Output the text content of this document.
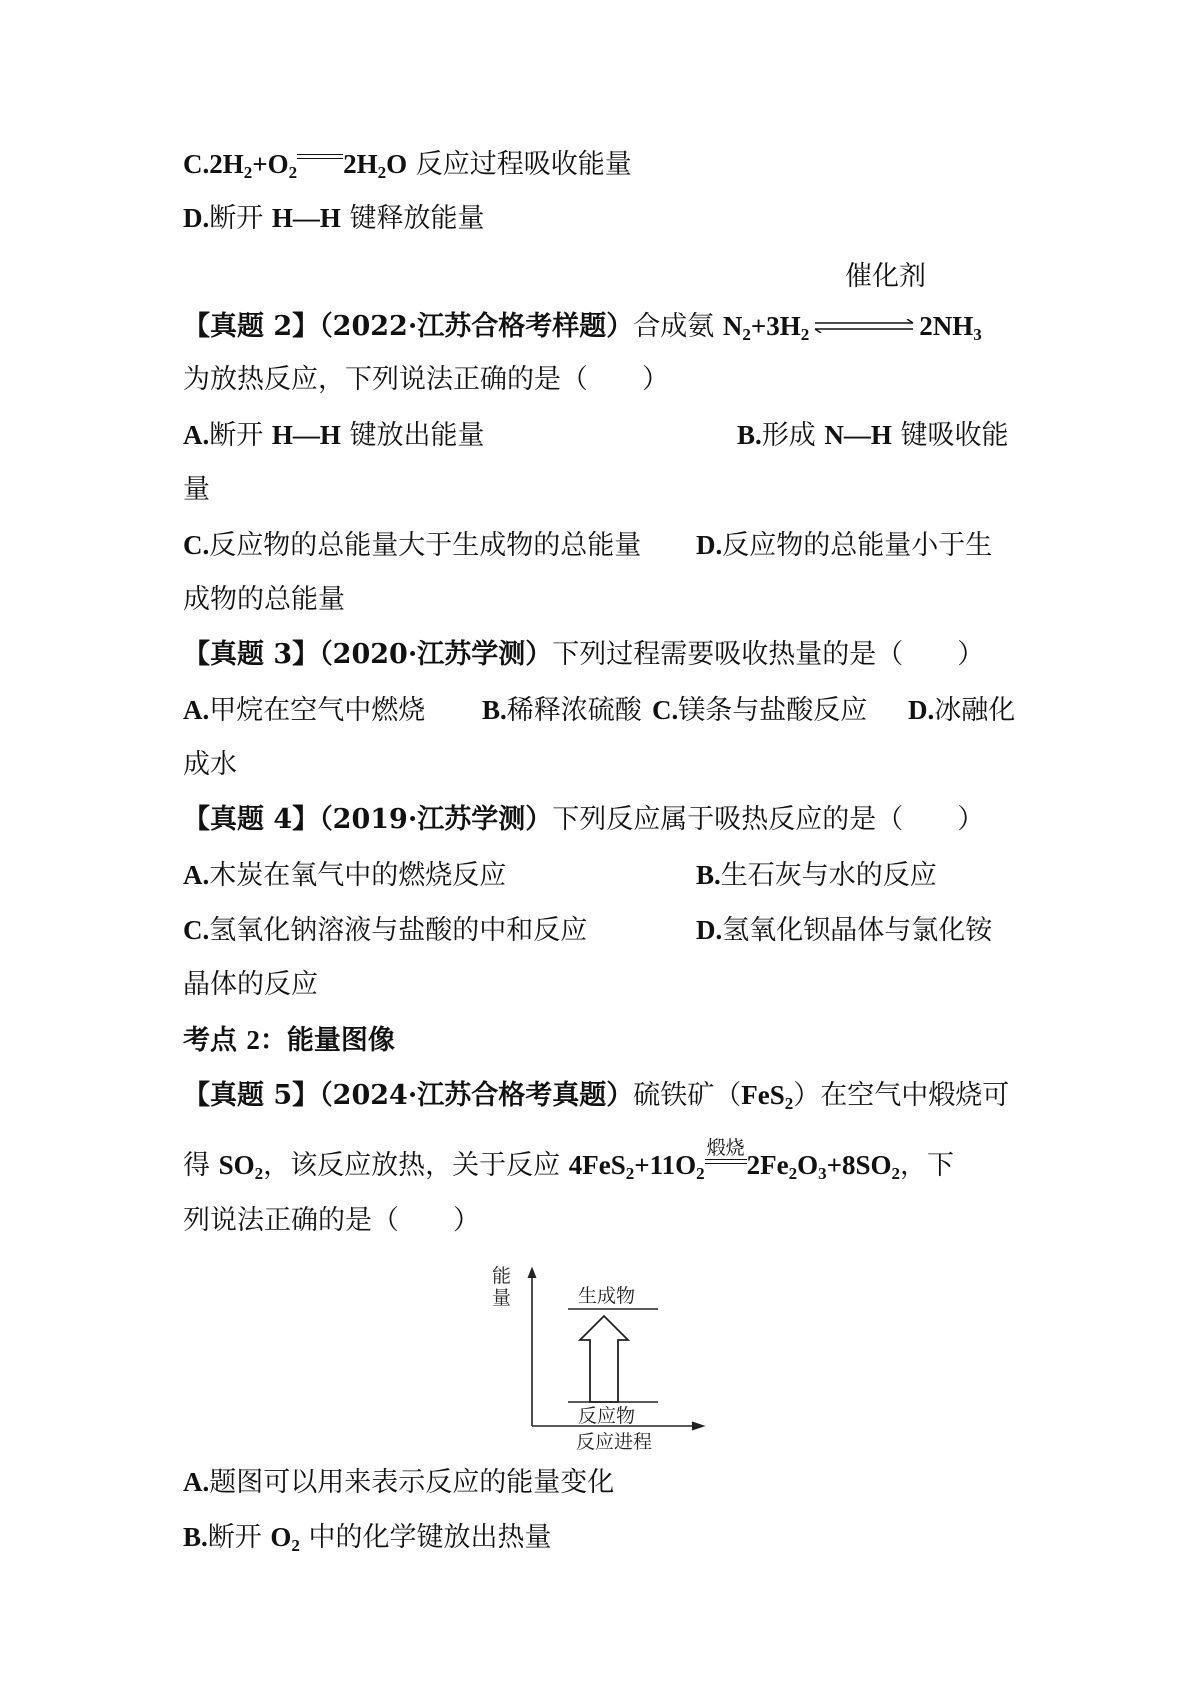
$C.2H_2+O_2$ $2H_2O$ 反应过程吸收能量
D.断开 H—H 键释放能量
催化剂
【真题 2】（2022·江苏合格考样题）合成氨 $N_2+3H_2$	$2NH_3$
为放热反应，下列说法正确的是（　　）
A.断开 H—H 键放出能量	B.形成 N—H 键吸收能
量
C.反应物的总能量大于生成物的总能量 D.反应物的总能量小于生
成物的总能量
【真题 3】（2020·江苏学测）下列过程需要吸收热量的是（　　）
A.甲烷在空气中燃烧 B.稀释浓硫酸 C.镁条与盐酸反应 D.冰融化
成水
【真题 4】（2019·江苏学测）下列反应属于吸热反应的是（　　）
A.木炭在氧气中的燃烧反应	B.生石灰与水的反应
C.氢氧化钠溶液与盐酸的中和反应	D.氢氧化钡晶体与氯化铵
晶体的反应
考点 2：能量图像
【真题 5】（2024·江苏合格考真题）硫铁矿（FeS$_2$）在空气中煅烧可
得 $SO_2$，该反应放热，关于反应 $4FeS_2+11O_2$
煅烧
$2Fe_2O_3+8SO_2$，下
列说法正确的是（　　）
能
量	生成物
反应物
反应进程
A.题图可以用来表示反应的能量变化
B.断开 $O_2$ 中的化学键放出热量
